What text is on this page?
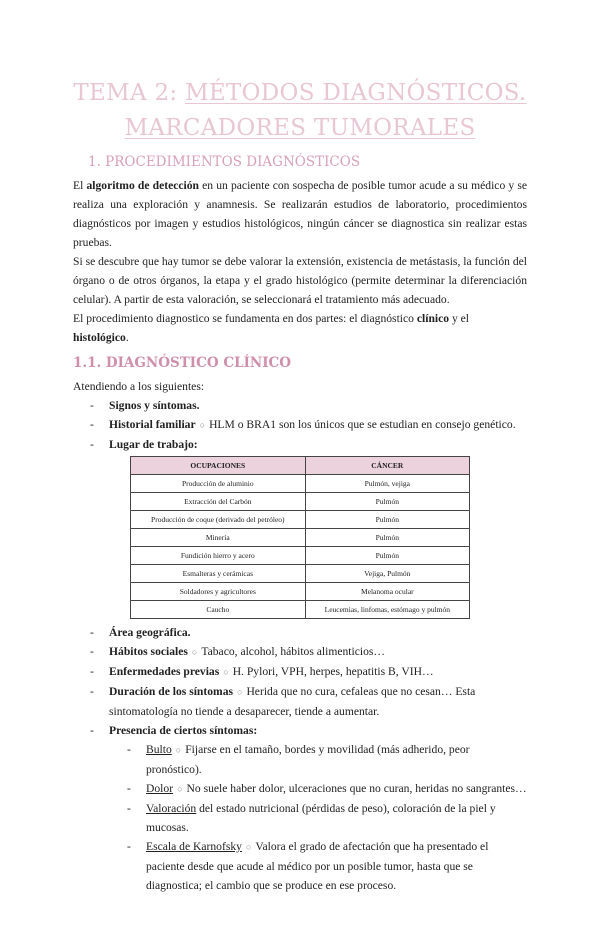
TEMA 2: MÉTODOS DIAGNÓSTICOS.
MARCADORES TUMORALES
1. PROCEDIMIENTOS DIAGNÓSTICOS

El algoritmo de detección en un paciente con sospecha de posible tumor acude a su médico y se realiza una exploración y anamnesis. Se realizarán estudios de laboratorio, procedimientos diagnósticos por imagen y estudios histológicos, ningún cáncer se diagnostica sin realizar estas pruebas.

Si se descubre que hay tumor se debe valorar la extensión, existencia de metástasis, la función del órgano o de otros órganos, la etapa y el grado histológico (permite determinar la diferenciación celular). A partir de esta valoración, se seleccionará el tratamiento más adecuado.

El procedimiento diagnostico se fundamenta en dos partes: el diagnóstico clínico y el histológico.

1.1. DIAGNÓSTICO CLÍNICO

Atendiendo a los siguientes:

-	Signos y síntomas.
-	Historial familiar ○ HLM o BRA1 son los únicos que se estudian en consejo genético.
-	Lugar de trabajo:
OCUPACIONES	CÁNCER
Producción de aluminio	Pulmón, vejiga
Extracción del Carbón	Pulmón
Producción de coque (derivado del petróleo)	Pulmón
Minería	Pulmón
Fundición hierro y acero	Pulmón
Esmalteras y cerámicas	Vejiga, Pulmón
Soldadores y agricultores	Melanoma ocular
Caucho	Leucemias, linfomas, estómago y pulmón
-	Área geográfica.
-	Hábitos sociales ○ Tabaco, alcohol, hábitos alimenticios…
-	Enfermedades previas ○ H. Pylori, VPH, herpes, hepatitis B, VIH…
-	Duración de los síntomas ○ Herida que no cura, cefaleas que no cesan… Esta sintomatología no tiende a desaparecer, tiende a aumentar.
-	Presencia de ciertos síntomas:
-	Bulto ○ Fijarse en el tamaño, bordes y movilidad (más adherido, peor pronóstico).
-	Dolor ○ No suele haber dolor, ulceraciones que no curan, heridas no sangrantes…
-	Valoración del estado nutricional (pérdidas de peso), coloración de la piel y mucosas.
-	Escala de Karnofsky ○ Valora el grado de afectación que ha presentado el paciente desde que acude al médico por un posible tumor, hasta que se diagnostica; el cambio que se produce en ese proceso.
